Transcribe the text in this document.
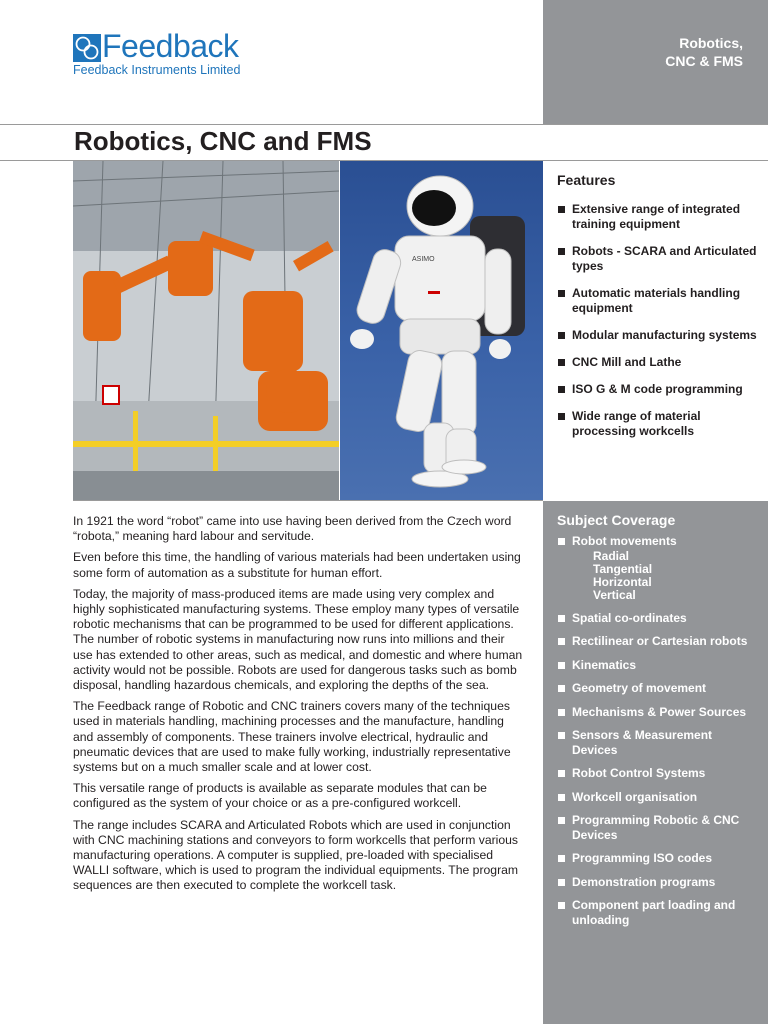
Robotics,
CNC & FMS
Feedback
Feedback Instruments Limited
Robotics, CNC and FMS
ASIMO
Features
Extensive range of integrated training equipment
Robots - SCARA and Articulated types
Automatic materials handling equipment
Modular manufacturing systems
CNC Mill and Lathe
ISO G & M code programming
Wide range of material processing workcells
Subject Coverage
Robot movements
Radial
Tangential
Horizontal
Vertical
Spatial co-ordinates
Rectilinear or Cartesian robots
Kinematics
Geometry of movement
Mechanisms & Power Sources
Sensors & Measurement Devices
Robot Control Systems
Workcell organisation
Programming Robotic & CNC Devices
Programming ISO codes
Demonstration programs
Component part loading and unloading

In 1921 the word “robot” came into use having been derived from the Czech word “robota,” meaning hard labour and servitude.

Even before this time, the handling of various materials had been undertaken using some form of automation as a substitute for human effort.

Today, the majority of mass-produced items are made using very complex and highly sophisticated manufacturing systems. These employ many types of versatile robotic mechanisms that can be programmed to be used for different applications. The number of robotic systems in manufacturing now runs into millions and their use has extended to other areas, such as medical, and domestic and where human activity would not be possible. Robots are used for dangerous tasks such as bomb disposal, handling hazardous chemicals, and exploring the depths of the sea.

The Feedback range of Robotic and CNC trainers covers many of the techniques used in materials handling, machining processes and the manufacture, handling and assembly of components. These trainers involve electrical, hydraulic and pneumatic devices that are used to make fully working, industrially representative systems but on a much smaller scale and at lower cost.

This versatile range of products is available as separate modules that can be configured as the system of your choice or as a pre-configured workcell.

The range includes SCARA and Articulated Robots which are used in conjunction with CNC machining stations and conveyors to form workcells that perform various manufacturing operations. A computer is supplied, pre-loaded with specialised WALLI software, which is used to program the individual equipments. The program sequences are then executed to complete the workcell task.
